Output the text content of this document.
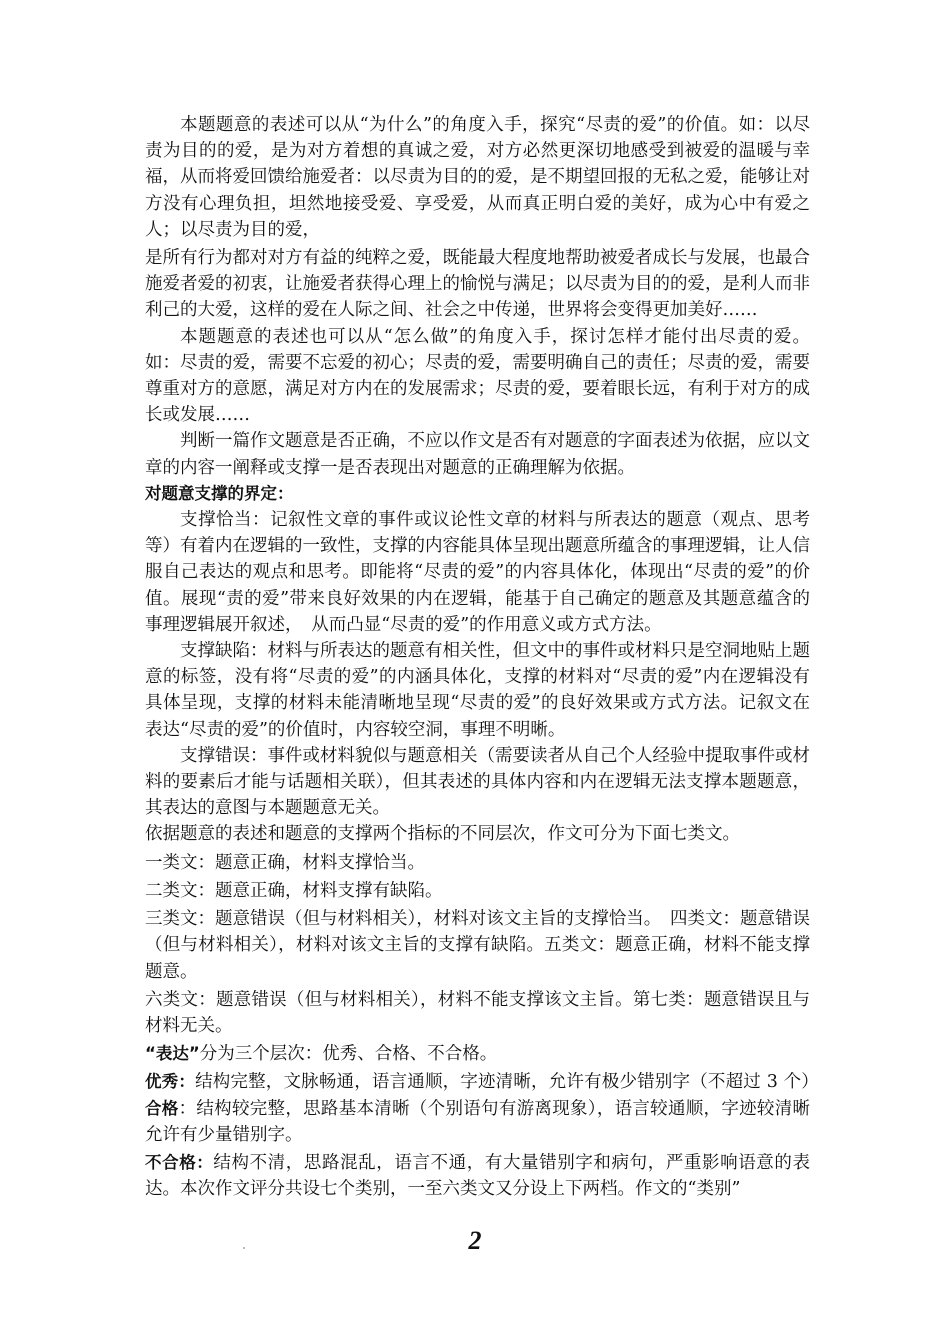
本题题意的表述可以从“为什么”的角度入手，探究“尽责的爱”的价值。如：以尽责为目的的爱，是为对方着想的真诚之爱，对方必然更深切地感受到被爱的温暖与幸福，从而将爱回馈给施爱者：以尽责为目的的爱，是不期望回报的无私之爱，能够让对方没有心理负担，坦然地接受爱、享受爱，从而真正明白爱的美好，成为心中有爱之人；以尽责为目的爱，

是所有行为都对对方有益的纯粹之爱，既能最大程度地帮助被爱者成长与发展，也最合施爱者爱的初衷，让施爱者获得心理上的愉悦与满足；以尽责为目的的爱，是利人而非利己的大爱，这样的爱在人际之间、社会之中传递，世界将会变得更加美好……

本题题意的表述也可以从“怎么做”的角度入手，探讨怎样才能付出尽责的爱。如：尽责的爱，需要不忘爱的初心；尽责的爱，需要明确自己的责任；尽责的爱，需要尊重对方的意愿，满足对方内在的发展需求；尽责的爱，要着眼长远，有利于对方的成长或发展……

判断一篇作文题意是否正确，不应以作文是否有对题意的字面表述为依据，应以文章的内容一阐释或支撑一是否表现出对题意的正确理解为依据。

对题意支撑的界定：

支撑恰当：记叙性文章的事件或议论性文章的材料与所表达的题意（观点、思考等）有着内在逻辑的一致性，支撑的内容能具体呈现出题意所蕴含的事理逻辑，让人信服自己表达的观点和思考。即能将“尽责的爱”的内容具体化，体现出“尽责的爱”的价值。展现“责的爱”带来良好效果的内在逻辑，能基于自己确定的题意及其题意蕴含的事理逻辑展开叙述，　从而凸显“尽责的爱”的作用意义或方式方法。

支撑缺陷：材料与所表达的题意有相关性，但文中的事件或材料只是空洞地贴上题意的标签，没有将“尽责的爱”的内涵具体化，支撑的材料对“尽责的爱”内在逻辑没有具体呈现，支撑的材料未能清晰地呈现“尽责的爱”的良好效果或方式方法。记叙文在表达“尽责的爱”的价值时，内容较空洞，事理不明晰。

支撑错误：事件或材料貌似与题意相关（需要读者从自己个人经验中提取事件或材料的要素后才能与话题相关联），但其表述的具体内容和内在逻辑无法支撑本题题意，其表达的意图与本题题意无关。

依据题意的表述和题意的支撑两个指标的不同层次，作文可分为下面七类文。

一类文：题意正确，材料支撑恰当。

二类文：题意正确，材料支撑有缺陷。

三类文：题意错误（但与材料相关），材料对该文主旨的支撑恰当。　四类文：题意错误（但与材料相关），材料对该文主旨的支撑有缺陷。五类文：题意正确，材料不能支撑题意。

六类文：题意错误（但与材料相关），材料不能支撑该文主旨。第七类：题意错误且与材料无关。

“表达”分为三个层次：优秀、合格、不合格。

优秀：结构完整，文脉畅通，语言通顺，字迹清晰，允许有极少错别字（不超过 3 个）　合格：结构较完整，思路基本清晰（个别语句有游离现象），语言较通顺，字迹较清晰允许有少量错别字。

不合格：结构不清，思路混乱，语言不通，有大量错别字和病句，严重影响语意的表达。本次作文评分共设七个类别，一至六类文又分设上下两档。作文的“类别”

2
